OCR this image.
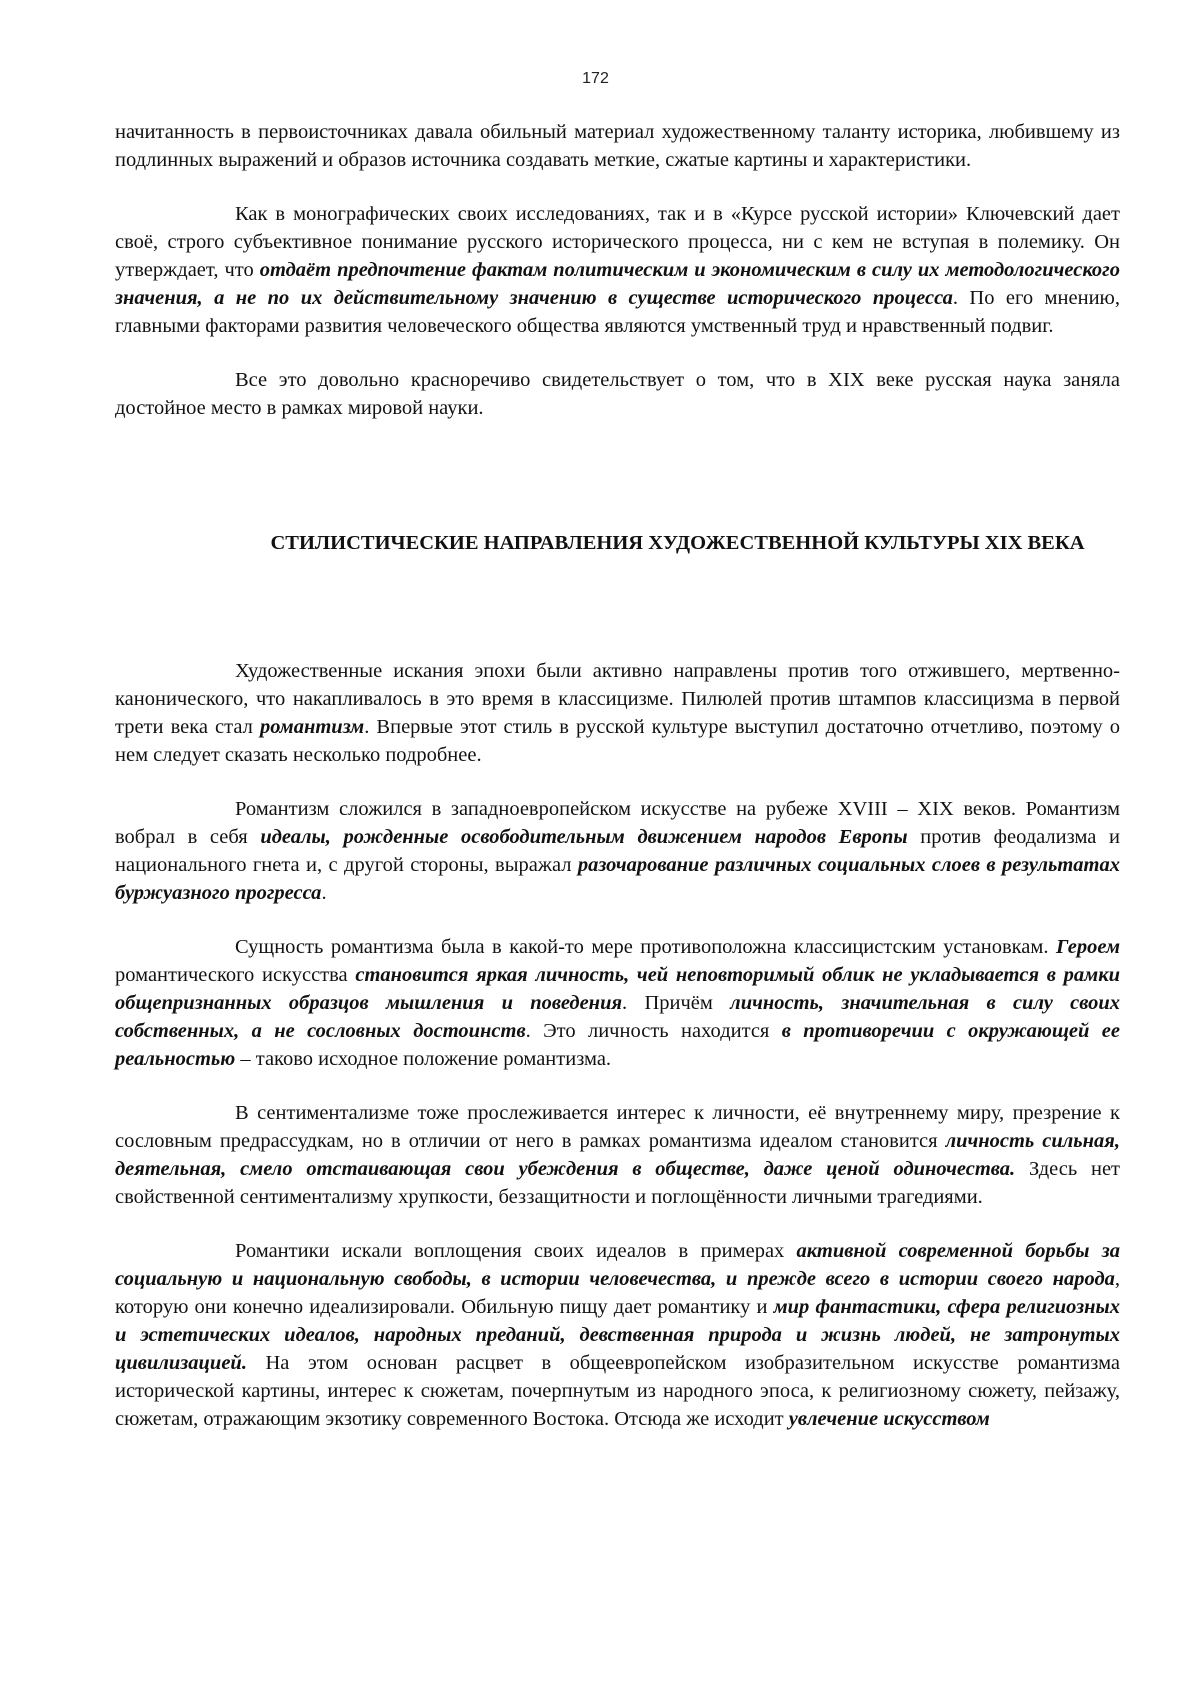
172

начитанность в первоисточниках давала обильный материал художественному таланту историка, любившему из подлинных выражений и образов источника создавать меткие, сжатые картины и характеристики.

Как в монографических своих исследованиях, так и в «Курсе русской истории» Ключевский дает своё, строго субъективное понимание русского исторического процесса, ни с кем не вступая в полемику. Он утверждает, что отдаёт предпочтение фактам политическим и экономическим в силу их методологического значения, а не по их действительному значению в существе исторического процесса. По его мнению, главными факторами развития человеческого общества являются умственный труд и нравственный подвиг.

Все это довольно красноречиво свидетельствует о том, что в XIX веке русская наука заняла достойное место в рамках мировой науки.

СТИЛИСТИЧЕСКИЕ НАПРАВЛЕНИЯ ХУДОЖЕСТВЕННОЙ КУЛЬТУРЫ XIX ВЕКА

Художественные искания эпохи были активно направлены против того отжившего, мертвенно-канонического, что накапливалось в это время в классицизме. Пилюлей против штампов классицизма в первой трети века стал романтизм. Впервые этот стиль в русской культуре выступил достаточно отчетливо, поэтому о нем следует сказать несколько подробнее.

Романтизм сложился в западноевропейском искусстве на рубеже XVIII – XIX веков. Романтизм вобрал в себя идеалы, рожденные освободительным движением народов Европы против феодализма и национального гнета и, с другой стороны, выражал разочарование различных социальных слоев в результатах буржуазного прогресса.

Сущность романтизма была в какой-то мере противоположна классицистским установкам. Героем романтического искусства становится яркая личность, чей неповторимый облик не укладывается в рамки общепризнанных образцов мышления и поведения. Причём личность, значительная в силу своих собственных, а не сословных достоинств. Это личность находится в противоречии с окружающей ее реальностью – таково исходное положение романтизма.

В сентиментализме тоже прослеживается интерес к личности, её внутреннему миру, презрение к сословным предрассудкам, но в отличии от него в рамках романтизма идеалом становится личность сильная, деятельная, смело отстаивающая свои убеждения в обществе, даже ценой одиночества. Здесь нет свойственной сентиментализму хрупкости, беззащитности и поглощённости личными трагедиями.

Романтики искали воплощения своих идеалов в примерах активной современной борьбы за социальную и национальную свободы, в истории человечества, и прежде всего в истории своего народа, которую они конечно идеализировали. Обильную пищу дает романтику и мир фантастики, сфера религиозных и эстетических идеалов, народных преданий, девственная природа и жизнь людей, не затронутых цивилизацией. На этом основан расцвет в общеевропейском изобразительном искусстве романтизма исторической картины, интерес к сюжетам, почерпнутым из народного эпоса, к религиозному сюжету, пейзажу, сюжетам, отражающим экзотику современного Востока. Отсюда же исходит увлечение искусством
